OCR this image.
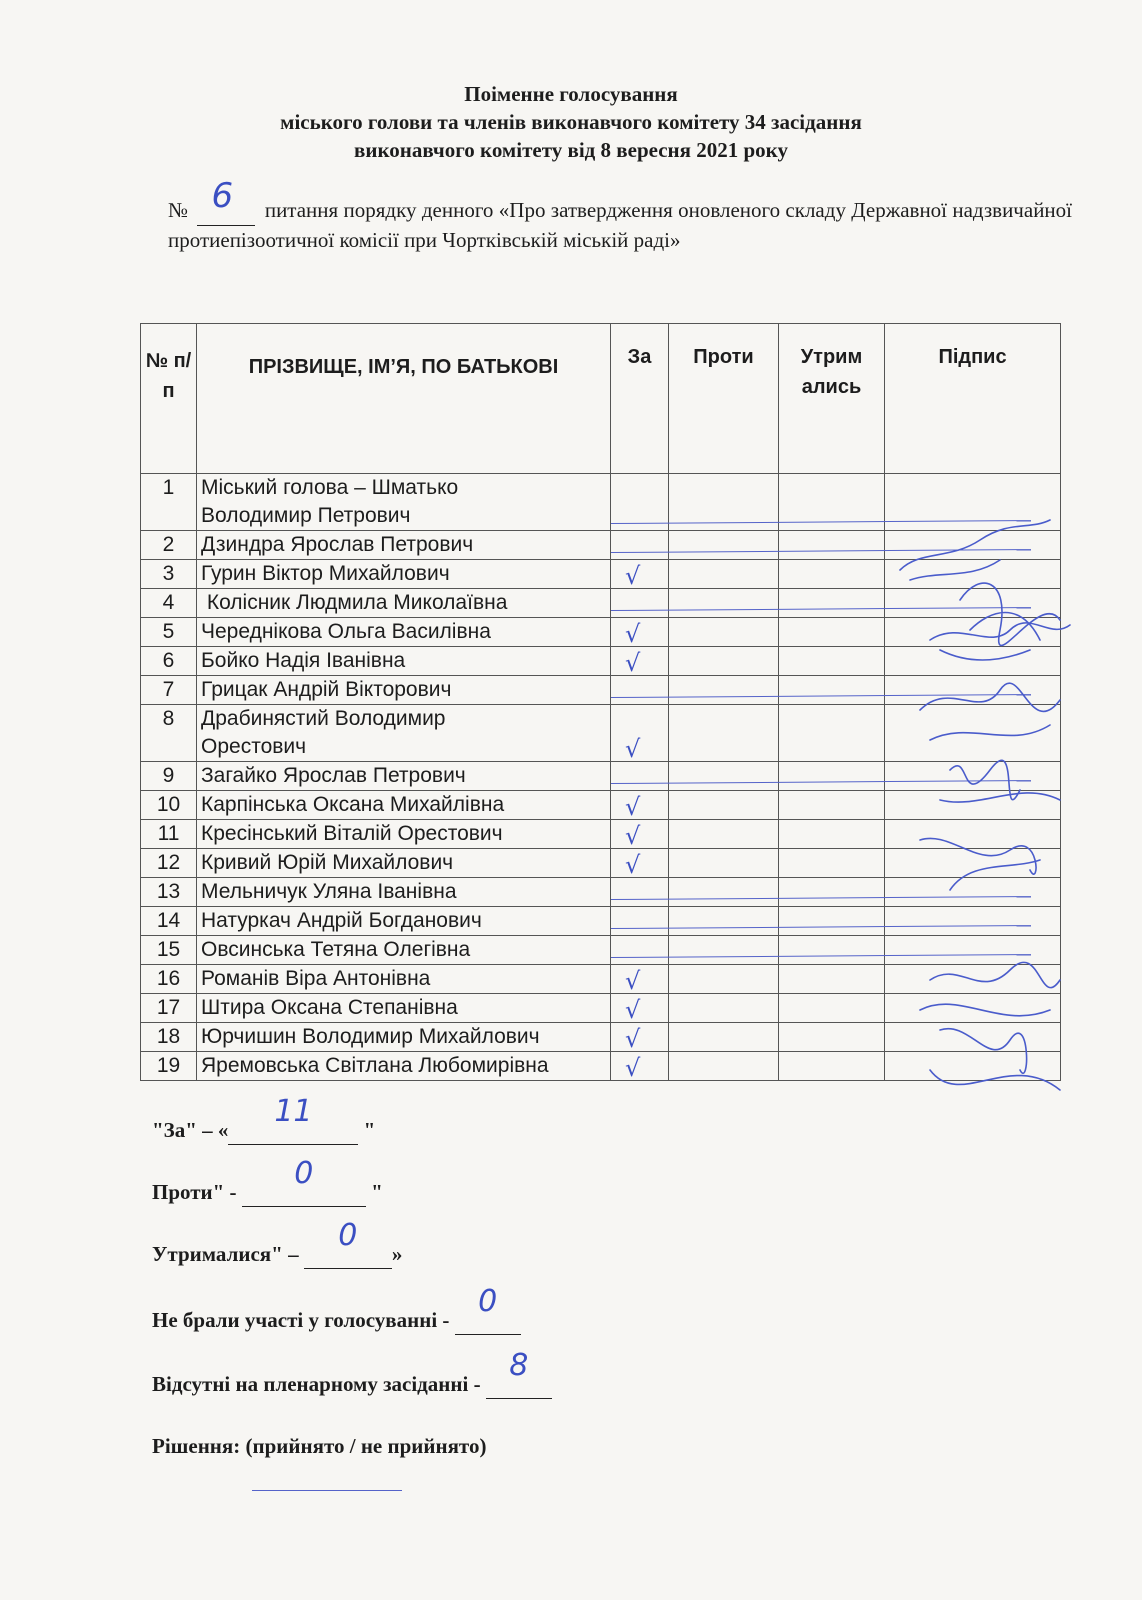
Поіменне голосування
міського голови та членів виконавчого комітету 34 засідання
виконавчого комітету від 8 вересня 2021 року
№ 6 питання порядку денного «Про затвердження оновленого складу Державної надзвичайної протиепізоотичної комісії при Чортківській міській раді»
№ п/п	ПРІЗВИЩЕ, ІМ’Я, ПО БАТЬКОВІ	За	Проти	Утрим ались	Підпис
1	Міський голова – Шматько
Володимир Петрович				

2	Дзиндра Ярослав Петрович				

3	Гурин Віктор Михайлович	√			

4	Колісник Людмила Миколаївна				

5	Череднікова Ольга Василівна	√			

6	Бойко Надія Іванівна	√			

7	Грицак Андрій Вікторович				

8	Драбинястий Володимир
Орестович	√			

9	Загайко Ярослав Петрович				

10	Карпінська Оксана Михайлівна	√			

11	Кресінський Віталій Орестович	√			

12	Кривий Юрій Михайлович	√			

13	Мельничук Уляна Іванівна				

14	Натуркач Андрій Богданович				

15	Овсинська Тетяна Олегівна				

16	Романів Віра Антонівна	√			

17	Штира Оксана Степанівна	√			

18	Юрчишин Володимир Михайлович	√			

19	Яремовська Світлана Любомирівна	√			

"За" – «
11
"
Проти" -
0
"
Утрималися" –
0
»
Не брали участі у голосуванні -
0

Відсутні на пленарному засіданні -
8

Рішення: (прийнято / не прийнято)
